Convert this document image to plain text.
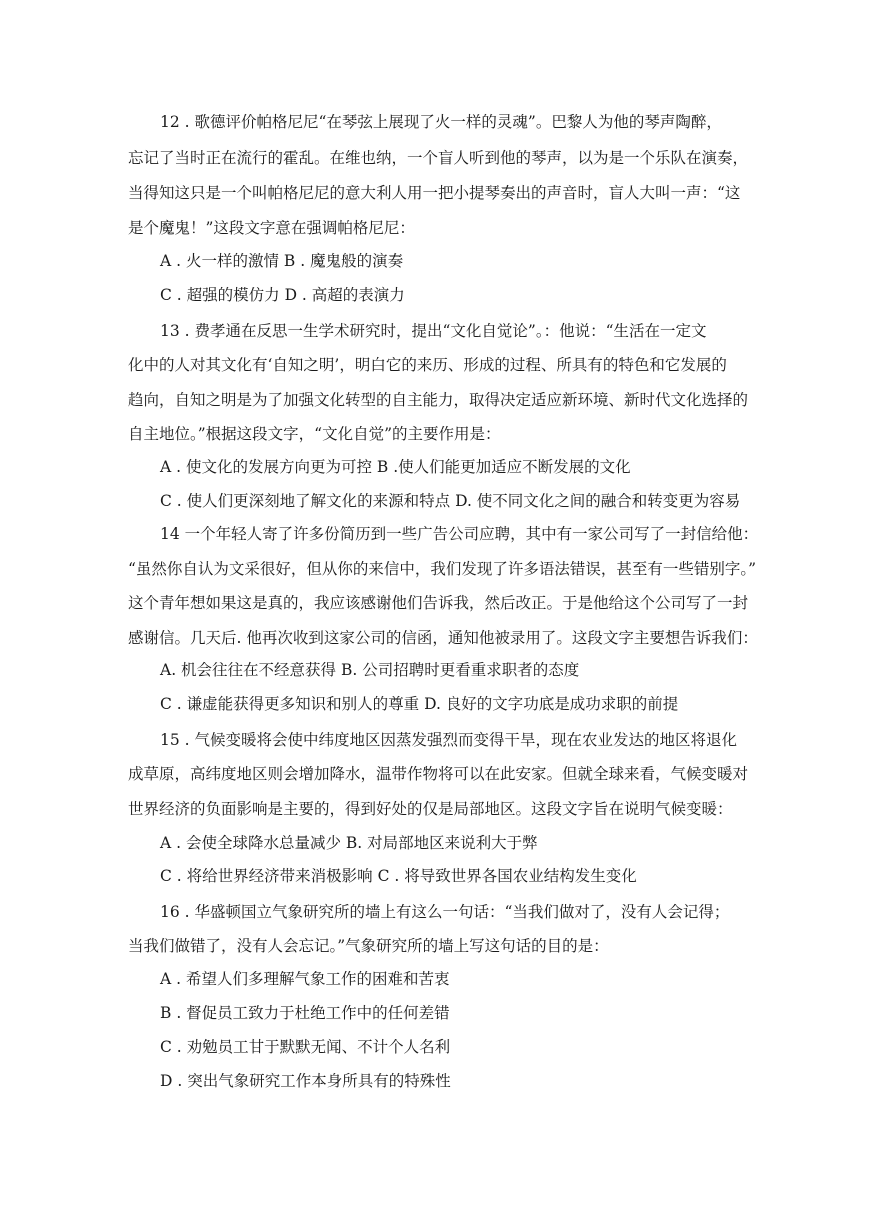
12 . 歌德评价帕格尼尼“在琴弦上展现了火一样的灵魂”。巴黎人为他的琴声陶醉，
忘记了当时正在流行的霍乱。在维也纳，一个盲人听到他的琴声，以为是一个乐队在演奏，
当得知这只是一个叫帕格尼尼的意大利人用一把小提琴奏出的声音时，盲人大叫一声：“这
是个魔鬼！”这段文字意在强调帕格尼尼：
A . 火一样的激情 B . 魔鬼般的演奏
C . 超强的模仿力 D . 高超的表演力
13 . 费孝通在反思一生学术研究时，提出“文化自觉论”。：他说：“生活在一定文
化中的人对其文化有‘自知之明’，明白它的来历、形成的过程、所具有的特色和它发展的
趋向，自知之明是为了加强文化转型的自主能力，取得决定适应新环境、新时代文化选择的
自主地位。”根据这段文字，“文化自觉”的主要作用是：
A . 使文化的发展方向更为可控 B .使人们能更加适应不断发展的文化
C . 使人们更深刻地了解文化的来源和特点 D. 使不同文化之间的融合和转变更为容易
14 一个年轻人寄了许多份简历到一些广告公司应聘，其中有一家公司写了一封信给他：
“虽然你自认为文采很好，但从你的来信中，我们发现了许多语法错误，甚至有一些错别字。”
这个青年想如果这是真的，我应该感谢他们告诉我，然后改正。于是他给这个公司写了一封
感谢信。几天后. 他再次收到这家公司的信函，通知他被录用了。这段文字主要想告诉我们：
A. 机会往往在不经意获得 B. 公司招聘时更看重求职者的态度
C . 谦虚能获得更多知识和别人的尊重 D. 良好的文字功底是成功求职的前提
15 . 气候变暖将会使中纬度地区因蒸发强烈而变得干旱，现在农业发达的地区将退化
成草原，高纬度地区则会增加降水，温带作物将可以在此安家。但就全球来看，气候变暖对
世界经济的负面影响是主要的，得到好处的仅是局部地区。这段文字旨在说明气候变暖：
A . 会使全球降水总量减少 B. 对局部地区来说利大于弊
C . 将给世界经济带来消极影响 C . 将导致世界各国农业结构发生变化
16 . 华盛顿国立气象研究所的墙上有这么一句话：“当我们做对了，没有人会记得；
当我们做错了，没有人会忘记。”气象研究所的墙上写这句话的目的是：
A . 希望人们多理解气象工作的困难和苦衷
B . 督促员工致力于杜绝工作中的任何差错
C . 劝勉员工甘于默默无闻、不计个人名利
D . 突出气象研究工作本身所具有的特殊性
